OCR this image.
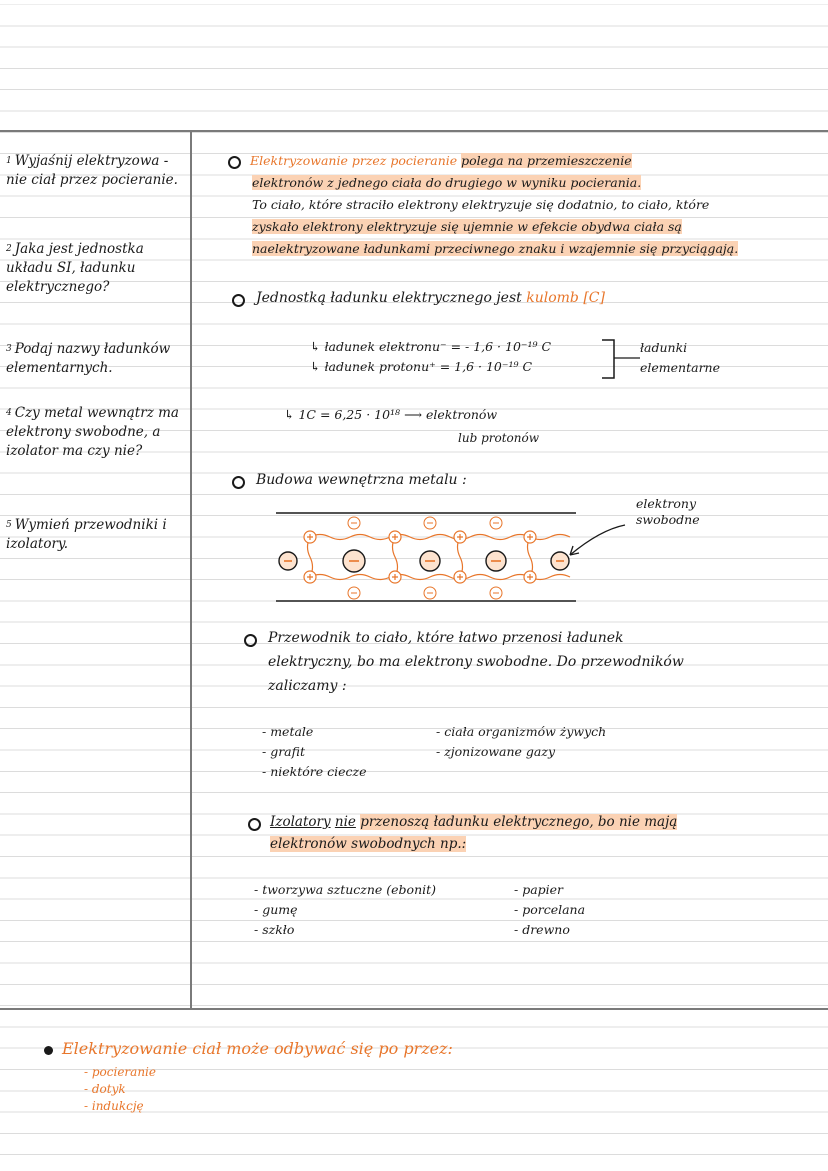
$^1$ Wyjaśnij elektryzowa -nie ciał przez pocieranie.
$^2$ Jaka jest jednostka układu SI, ładunku elektrycznego?
$^3$ Podaj nazwy ładunków elementarnych.
$^4$ Czy metal wewnątrz ma elektrony swobodne, a izolator ma czy nie?
$^5$ Wymień przewodniki i izolatory.
Elektryzowanie przez pocieranie polega na przemieszczenie
elektronów z jednego ciała do drugiego w wyniku pocierania.
To ciało, które straciło elektrony elektryzuje się dodatnio, to ciało, które
zyskało elektrony elektryzuje się ujemnie w efekcie obydwa ciała są
naelektryzowane ładunkami przeciwnego znaku i wzajemnie się przyciągają.
Jednostką ładunku elektrycznego jest kulomb [C]
↳ ładunek elektronu⁻ = - 1,6 · 10⁻¹⁹ C
↳ ładunek protonu⁺ = 1,6 · 10⁻¹⁹ C
ładunki
elementarne
↳ 1C = 6,25 · 10¹⁸ ⟶ elektronów
lub protonów
Budowa wewnętrzna metalu :
elektrony
swobodne
Przewodnik to ciało, które łatwo przenosi ładunek
elektryczny, bo ma elektrony swobodne. Do przewodników
zaliczamy :
- metale
- grafit
- niektóre ciecze
- ciała organizmów żywych
- zjonizowane gazy
Izolatory nie przenoszą ładunku elektrycznego, bo nie mają
elektronów swobodnych np.:
- tworzywa sztuczne (ebonit)
- gumę
- szkło
- papier
- porcelana
- drewno
Elektryzowanie ciał może odbywać się po przez:
- pocieranie
- dotyk
- indukcję
